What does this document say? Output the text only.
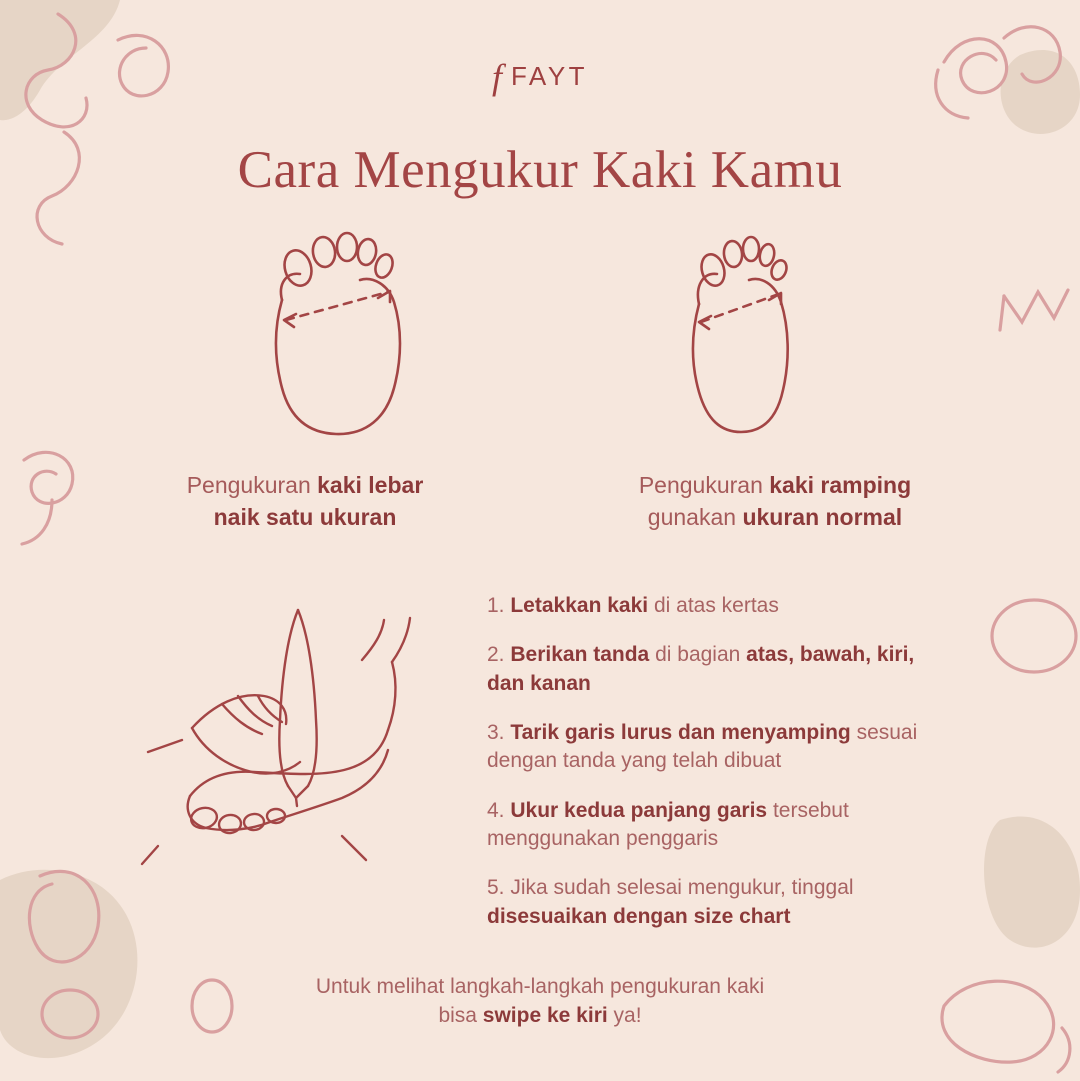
f FAYT
Cara Mengukur Kaki Kamu
Pengukuran kaki lebar
naik satu ukuran
Pengukuran kaki ramping
gunakan ukuran normal
1. Letakkan kaki di atas kertas
2. Berikan tanda di bagian atas, bawah, kiri, dan kanan
3. Tarik garis lurus dan menyamping sesuai dengan tanda yang telah dibuat
4. Ukur kedua panjang garis tersebut menggunakan penggaris
5. Jika sudah selesai mengukur, tinggal disesuaikan dengan size chart
Untuk melihat langkah-langkah pengukuran kaki
bisa swipe ke kiri ya!
